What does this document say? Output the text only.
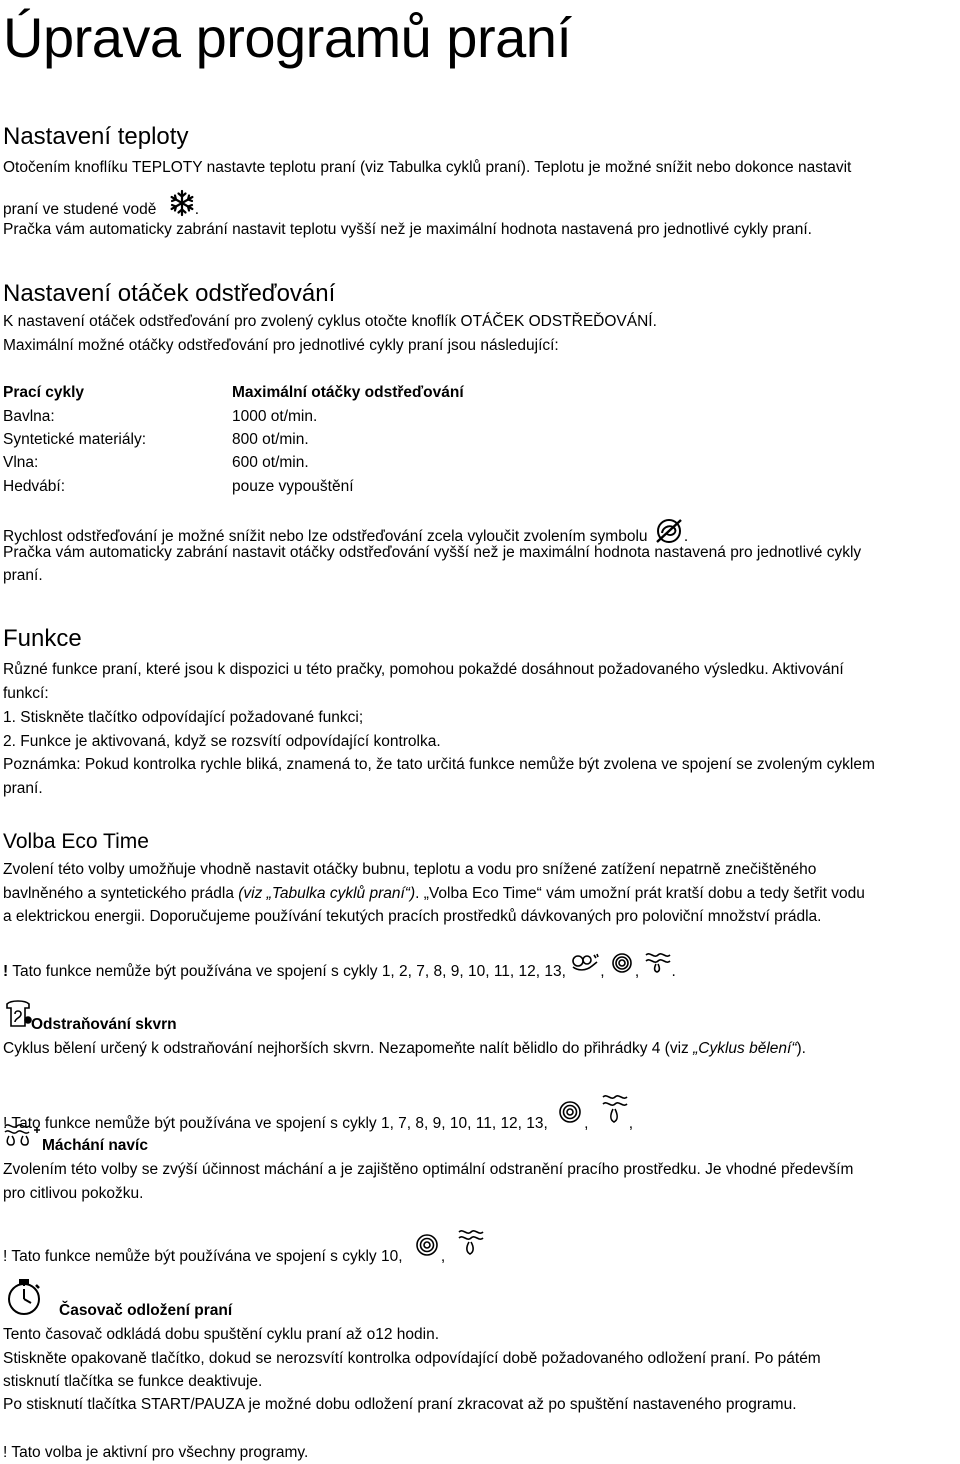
Úprava programů praní
Nastavení teploty
Otočením knoflíku TEPLOTY nastavte teplotu praní (viz Tabulka cyklů praní). Teplotu je možné snížit nebo dokonce nastavit
praní ve studené vodě .
Pračka vám automaticky zabrání nastavit teplotu vyšší než je maximální hodnota nastavená pro jednotlivé cykly praní.
Nastavení otáček odstřeďování
K nastavení otáček odstřeďování pro zvolený cyklus otočte knoflík OTÁČEK ODSTŘEĎOVÁNÍ.
Maximální možné otáčky odstřeďování pro jednotlivé cykly praní jsou následující:
Prací cykly	Maximální otáčky odstřeďování
Bavlna:	1000 ot/min.
Syntetické materiály:	800 ot/min.
Vlna:	600 ot/min.
Hedvábí:	pouze vypouštění
Rychlost odstřeďování je možné snížit nebo lze odstřeďování zcela vyloučit zvolením symbolu .
Pračka vám automaticky zabrání nastavit otáčky odstřeďování vyšší než je maximální hodnota nastavená pro jednotlivé cykly
praní.
Funkce
Různé funkce praní, které jsou k dispozici u této pračky, pomohou pokaždé dosáhnout požadovaného výsledku. Aktivování
funkcí:
1. Stiskněte tlačítko odpovídající požadované funkci;
2. Funkce je aktivovaná, když se rozsvítí odpovídající kontrolka.
Poznámka: Pokud kontrolka rychle bliká, znamená to, že tato určitá funkce nemůže být zvolena ve spojení se zvoleným cyklem
praní.
Volba Eco Time
Zvolení této volby umožňuje vhodně nastavit otáčky bubnu, teplotu a vodu pro snížené zatížení nepatrně znečištěného
bavlněného a syntetického prádla (viz „Tabulka cyklů praní“). „Volba Eco Time“ vám umožní prát kratší dobu a tedy šetřit vodu
a elektrickou energii. Doporučujeme používání tekutých pracích prostředků dávkovaných pro poloviční množství prádla.
! Tato funkce nemůže být používána ve spojení s cykly 1, 2, 7, 8, 9, 10, 11, 12, 13, , , .
Odstraňování skvrn
Cyklus bělení určený k odstraňování nejhorších skvrn. Nezapomeňte nalít bělidlo do přihrádky 4 (viz „Cyklus bělení“).
! Tato funkce nemůže být používána ve spojení s cykly 1, 7, 8, 9, 10, 11, 12, 13, ,	,
Máchání navíc
Zvolením této volby se zvýší účinnost máchání a je zajištěno optimální odstranění pracího prostředku. Je vhodné především
pro citlivou pokožku.
! Tato funkce nemůže být používána ve spojení s cykly 10, ,
Časovač odložení praní
Tento časovač odkládá dobu spuštění cyklu praní až o12 hodin.
Stiskněte opakovaně tlačítko, dokud se nerozsvítí kontrolka odpovídající době požadovaného odložení praní. Po pátém
stisknutí tlačítka se funkce deaktivuje.
Po stisknutí tlačítka START/PAUZA je možné dobu odložení praní zkracovat až po spuštění nastaveného programu.
! Tato volba je aktivní pro všechny programy.
